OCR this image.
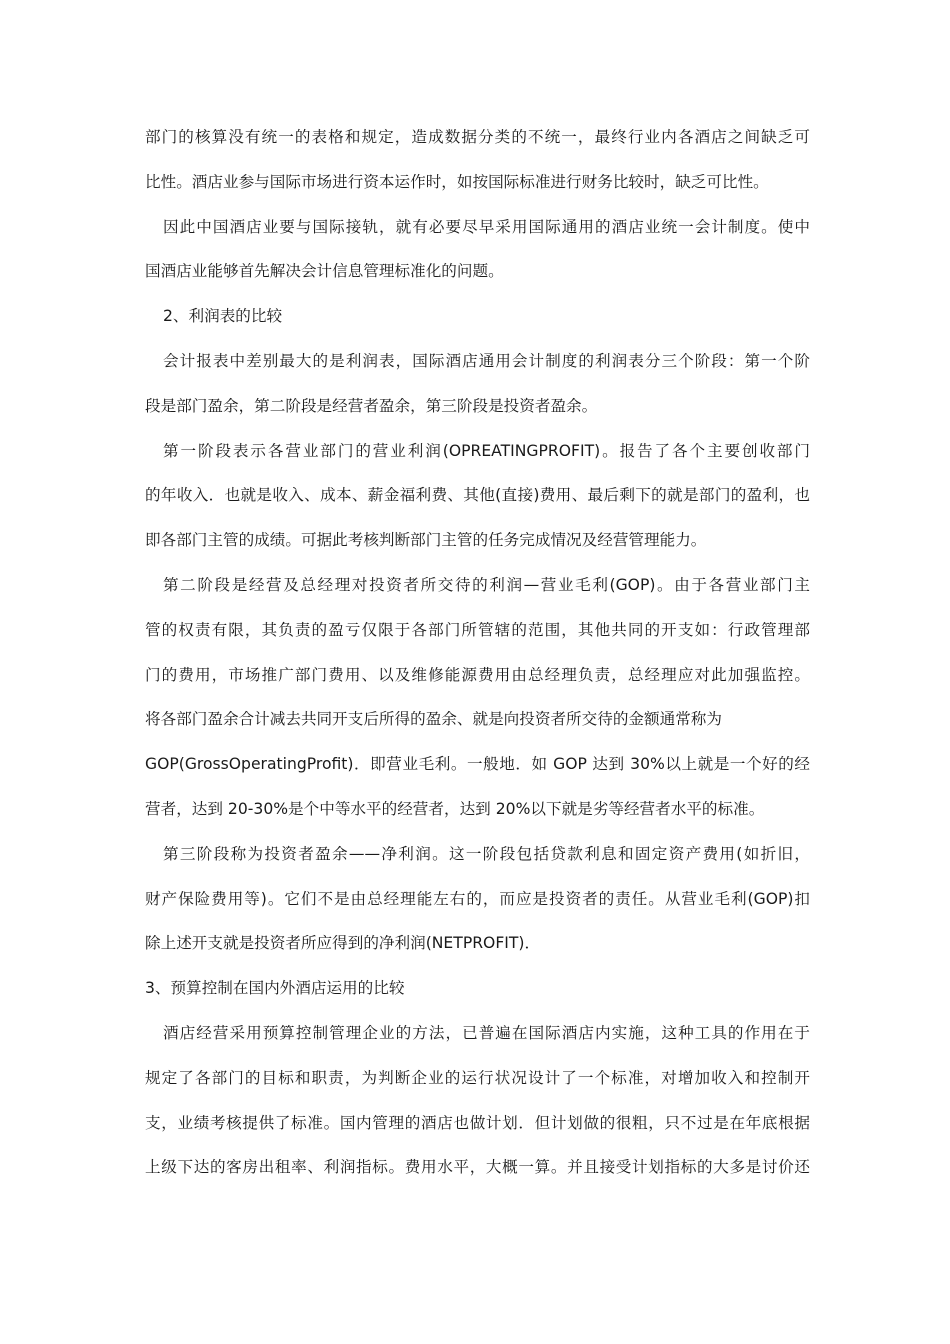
部门的核算没有统一的表格和规定，造成数据分类的不统一，最终行业内各酒店之间缺乏可
比性。酒店业参与国际市场进行资本运作时，如按国际标准进行财务比较时，缺乏可比性。
因此中国酒店业要与国际接轨，就有必要尽早采用国际通用的酒店业统一会计制度。使中
国酒店业能够首先解决会计信息管理标准化的问题。
2、利润表的比较
会计报表中差别最大的是利润表，国际酒店通用会计制度的利润表分三个阶段：第一个阶
段是部门盈余，第二阶段是经营者盈余，第三阶段是投资者盈余。
第一阶段表示各营业部门的营业利润(OPREATINGPROFIT)。报告了各个主要创收部门
的年收入．也就是收入、成本、薪金福利费、其他(直接)费用、最后剩下的就是部门的盈利，也
即各部门主管的成绩。可据此考核判断部门主管的任务完成情况及经营管理能力。
第二阶段是经营及总经理对投资者所交待的利润—营业毛利(GOP)。由于各营业部门主
管的权责有限，其负责的盈亏仅限于各部门所管辖的范围，其他共同的开支如：行政管理部
门的费用，市场推广部门费用、以及维修能源费用由总经理负责，总经理应对此加强监控。
将各部门盈余合计减去共同开支后所得的盈余、就是向投资者所交待的金额通常称为
GOP(GrossOperatingProfit)．即营业毛利。一般地．如 GOP 达到 30%以上就是一个好的经
营者，达到 20-30%是个中等水平的经营者，达到 20%以下就是劣等经营者水平的标准。
第三阶段称为投资者盈余——净利润。这一阶段包括贷款利息和固定资产费用(如折旧，
财产保险费用等)。它们不是由总经理能左右的，而应是投资者的责任。从营业毛利(GOP)扣
除上述开支就是投资者所应得到的净利润(NETPROFIT)．
3、预算控制在国内外酒店运用的比较
酒店经营采用预算控制管理企业的方法，已普遍在国际酒店内实施，这种工具的作用在于
规定了各部门的目标和职责，为判断企业的运行状况设计了一个标准，对增加收入和控制开
支，业绩考核提供了标准。国内管理的酒店也做计划．但计划做的很粗，只不过是在年底根据
上级下达的客房出租率、利润指标。费用水平，大概一算。并且接受计划指标的大多是讨价还
